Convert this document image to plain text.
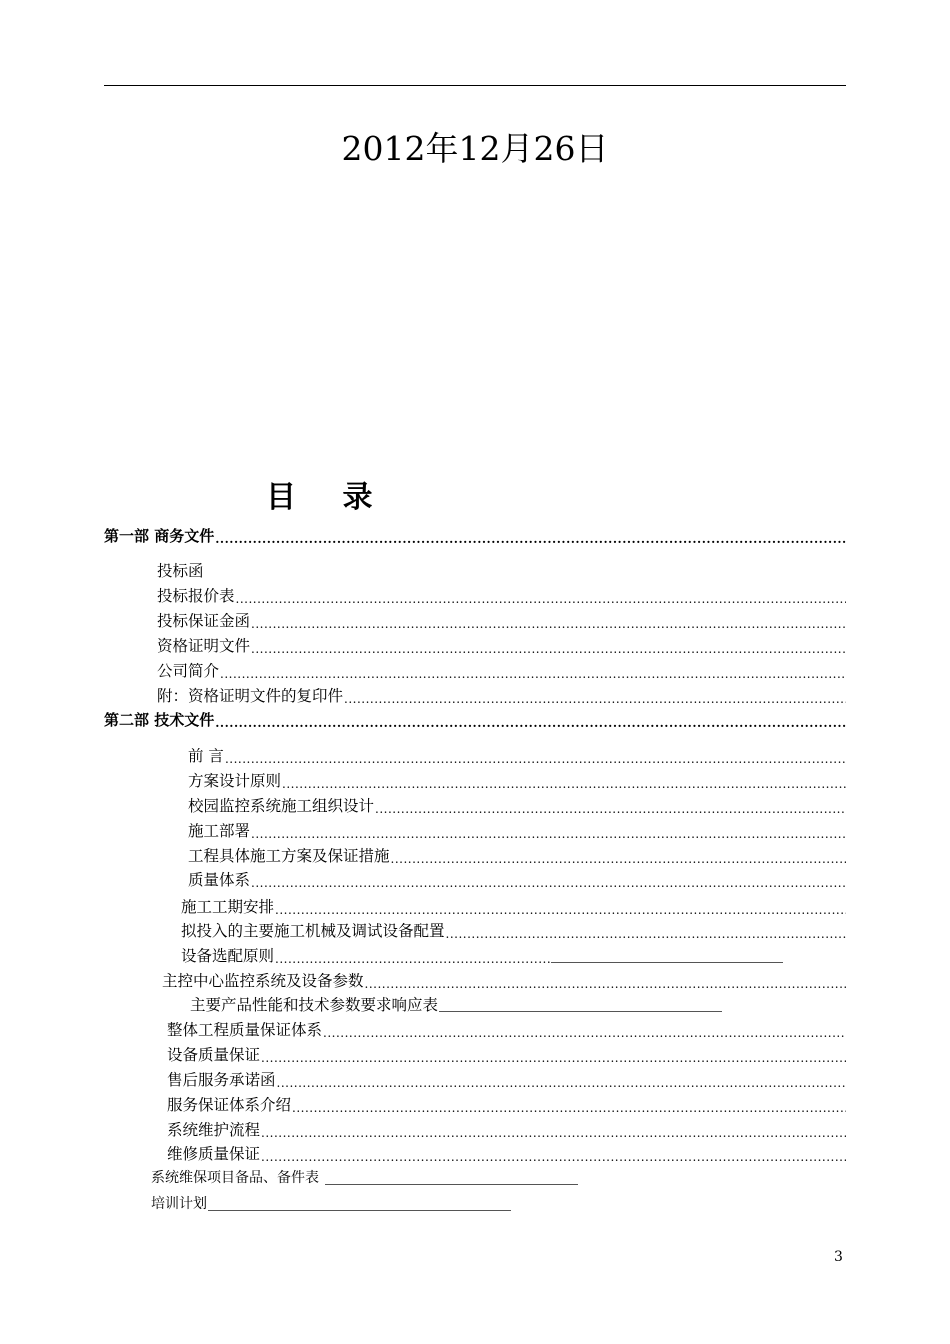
2012年12月26日
目 录
第一部 商务文件
.....
投标函
投标报价表
.....
投标保证金函
.....
资格证明文件
.....
公司简介
.....
附：资格证明文件的复印件
.....
第二部 技术文件
.....
前 言
.....
方案设计原则
.....
校园监控系统施工组织设计
.....
施工部署
.....
工程具体施工方案及保证措施
.....
质量体系
.....
施工工期安排
.....
拟投入的主要施工机械及调试设备配置
.....
设备选配原则
.....
主控中心监控系统及设备参数
.....
主要产品性能和技术参数要求响应表
整体工程质量保证体系
.....
设备质量保证
.....
售后服务承诺函
.....
服务保证体系介绍
.....
系统维护流程
.....
维修质量保证
.....
系统维保项目备品、备件表
培训计划
3
